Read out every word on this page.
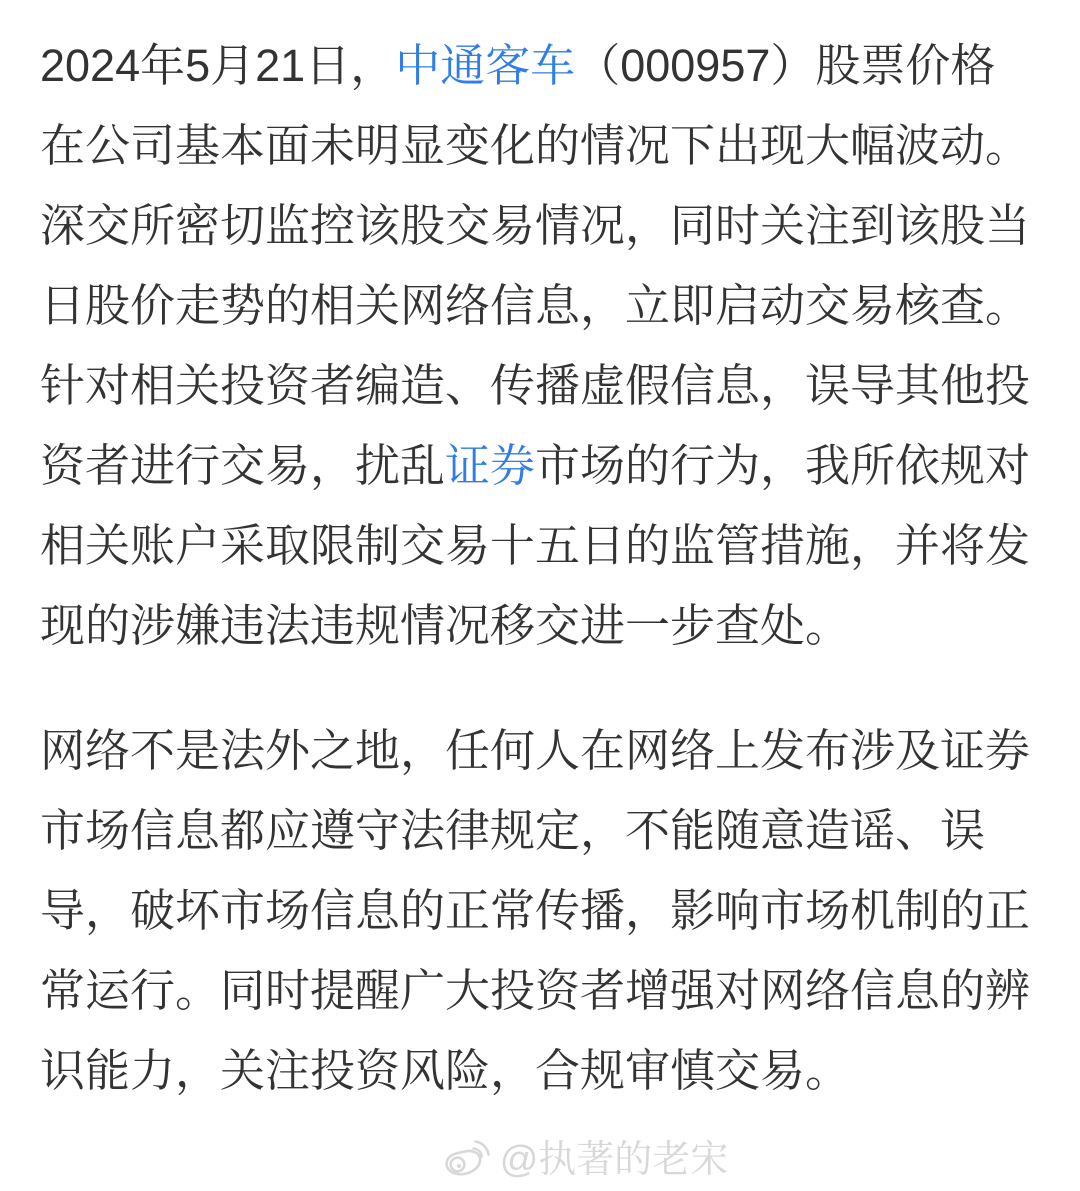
2024年5月21日，中通客车（000957）股票价格
在公司基本面未明显变化的情况下出现大幅波动。
深交所密切监控该股交易情况，同时关注到该股当
日股价走势的相关网络信息，立即启动交易核查。
针对相关投资者编造、传播虚假信息，误导其他投
资者进行交易，扰乱证券市场的行为，我所依规对
相关账户采取限制交易十五日的监管措施，并将发
现的涉嫌违法违规情况移交进一步查处。
网络不是法外之地，任何人在网络上发布涉及证券
市场信息都应遵守法律规定，不能随意造谣、误
导，破坏市场信息的正常传播，影响市场机制的正
常运行。同时提醒广大投资者增强对网络信息的辨
识能力，关注投资风险，合规审慎交易。
@执著的老宋
